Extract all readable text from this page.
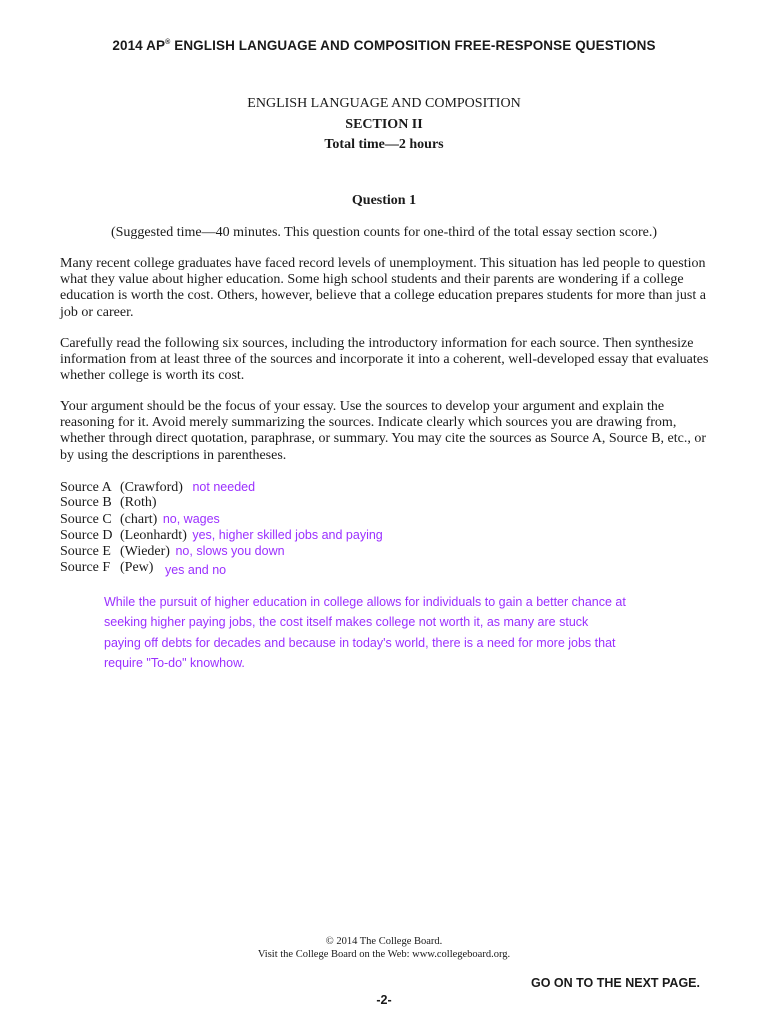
2014 AP® ENGLISH LANGUAGE AND COMPOSITION FREE-RESPONSE QUESTIONS
ENGLISH LANGUAGE AND COMPOSITION
SECTION II
Total time—2 hours
Question 1
(Suggested time—40 minutes. This question counts for one-third of the total essay section score.)
Many recent college graduates have faced record levels of unemployment. This situation has led people to question what they value about higher education. Some high school students and their parents are wondering if a college education is worth the cost. Others, however, believe that a college education prepares students for more than just a job or career.
Carefully read the following six sources, including the introductory information for each source. Then synthesize information from at least three of the sources and incorporate it into a coherent, well-developed essay that evaluates whether college is worth its cost.
Your argument should be the focus of your essay. Use the sources to develop your argument and explain the reasoning for it. Avoid merely summarizing the sources. Indicate clearly which sources you are drawing from, whether through direct quotation, paraphrase, or summary. You may cite the sources as Source A, Source B, etc., or by using the descriptions in parentheses.
Source A (Crawford) not needed
Source B (Roth)
Source C (chart) no, wages
Source D (Leonhardt) yes, higher skilled jobs and paying
Source E (Wieder) no, slows you down
Source F (Pew) yes and no
While the pursuit of higher education in college allows for individuals to gain a better chance at
seeking higher paying jobs, the cost itself makes college not worth it, as many are stuck
paying off debts for decades and because in today's world, there is a need for more jobs that
require "To-do" knowhow.
© 2014 The College Board.
Visit the College Board on the Web: www.collegeboard.org.
GO ON TO THE NEXT PAGE.
-2-
